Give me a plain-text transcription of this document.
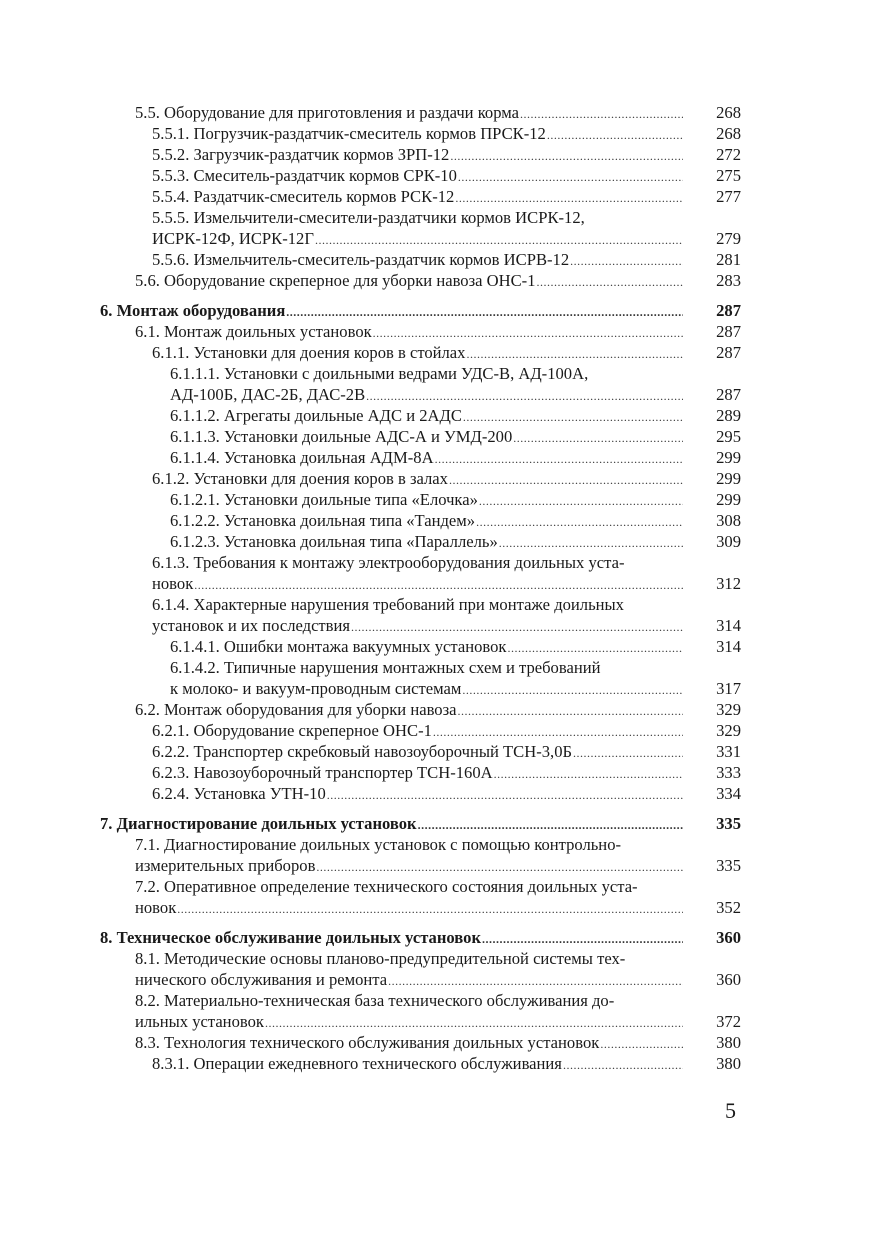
5.5. Оборудование для приготовления и раздачи корма .....	268
5.5.1. Погрузчик-раздатчик-смеситель кормов ПРСК-12 .....	268
5.5.2. Загрузчик-раздатчик кормов ЗРП-12 .....	272
5.5.3. Смеситель-раздатчик кормов СРК-10 .....	275
5.5.4. Раздатчик-смеситель кормов РСК-12 .....	277
5.5.5. Измельчители-смесители-раздатчики кормов ИСРК-12,
ИСРК-12Ф, ИСРК-12Г .....	279
5.5.6. Измельчитель-смеситель-раздатчик кормов ИСРВ-12 .....	281
5.6. Оборудование скреперное для уборки навоза ОНС-1 .....	283
6. Монтаж оборудования .....	287
6.1. Монтаж доильных установок .....	287
6.1.1. Установки для доения коров в стойлах .....	287
6.1.1.1. Установки с доильными ведрами УДС-В, АД-100А,
АД-100Б, ДАС-2Б, ДАС-2В .....	287
6.1.1.2. Агрегаты доильные АДС и 2АДС .....	289
6.1.1.3. Установки доильные АДС-А и УМД-200 .....	295
6.1.1.4. Установка доильная АДМ-8А .....	299
6.1.2. Установки для доения коров в залах .....	299
6.1.2.1. Установки доильные типа «Елочка» .....	299
6.1.2.2. Установка доильная типа «Тандем» .....	308
6.1.2.3. Установка доильная типа «Параллель» .....	309
6.1.3. Требования к монтажу электрооборудования доильных уста-
новок .....	312
6.1.4. Характерные нарушения требований при монтаже доильных
установок и их последствия .....	314
6.1.4.1. Ошибки монтажа вакуумных установок .....	314
6.1.4.2. Типичные нарушения монтажных схем и требований
к молоко- и вакуум-проводным системам .....	317
6.2. Монтаж оборудования для уборки навоза .....	329
6.2.1. Оборудование скреперное ОНС-1 .....	329
6.2.2. Транспортер скребковый навозоуборочный ТСН-3,0Б .....	331
6.2.3. Навозоуборочный транспортер ТСН-160А .....	333
6.2.4. Установка УТН-10 .....	334
7. Диагностирование доильных установок .....	335
7.1. Диагностирование доильных установок с помощью контрольно-
измерительных приборов .....	335
7.2. Оперативное определение технического состояния доильных уста-
новок .....	352
8. Техническое обслуживание доильных установок .....	360
8.1. Методические основы планово-предупредительной системы тех-
нического обслуживания и ремонта .....	360
8.2. Материально-техническая база технического обслуживания до-
ильных установок .....	372
8.3. Технология технического обслуживания доильных установок .....	380
8.3.1. Операции ежедневного технического обслуживания .....	380
5
